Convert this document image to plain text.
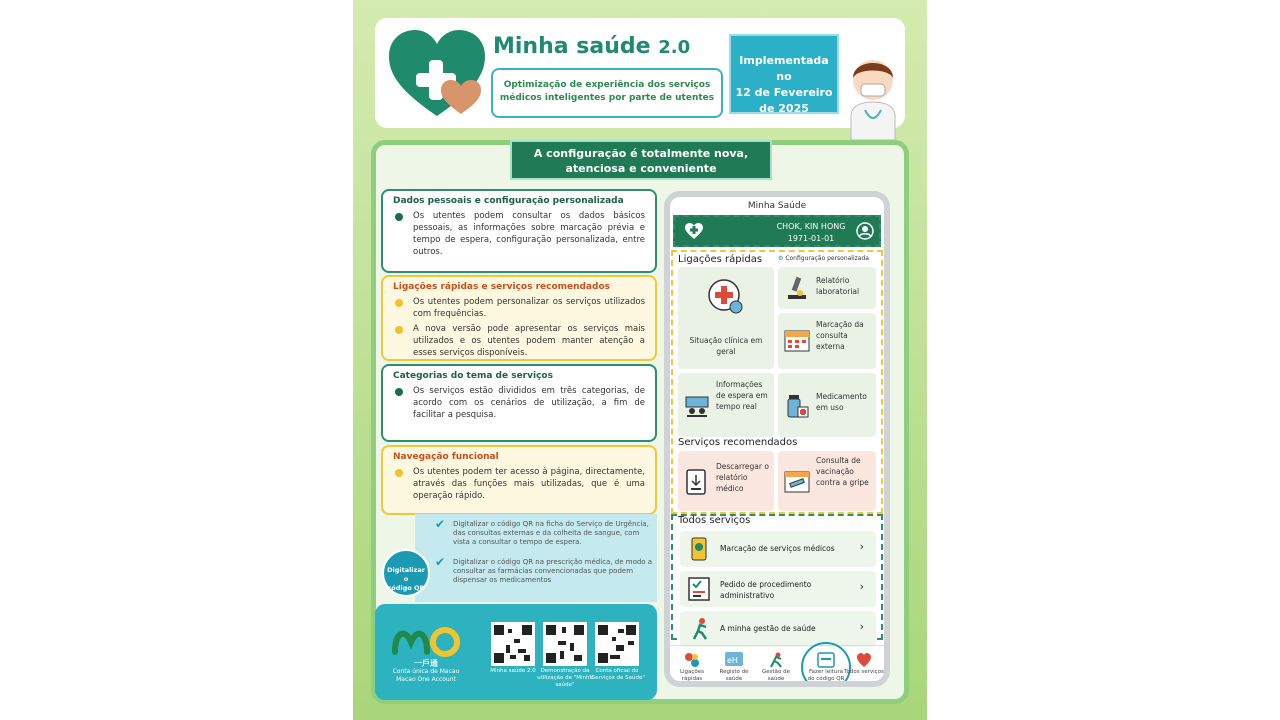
Minha saúde 2.0
Optimização de experiência dos serviços
médicos inteligentes por parte de utentes
Implementada no
12 de Fevereiro
de 2025
A configuração é totalmente nova,
atenciosa e conveniente
Dados pessoais e configuração personalizada
Os utentes podem consultar os dados básicos pessoais, as informações sobre marcação prévia e tempo de espera, configuração personalizada, entre outros.
Ligações rápidas e serviços recomendados
Os utentes podem personalizar os serviços utilizados com frequências.
A nova versão pode apresentar os serviços mais utilizados e os utentes podem manter atenção a esses serviços disponíveis.
Categorias do tema de serviços
Os serviços estão divididos em três categorias, de acordo com os cenários de utilização, a fim de facilitar a pesquisa.
Navegação funcional
Os utentes podem ter acesso à página, directamente, através das funções mais utilizadas, que é uma operação rápido.
✔ Digitalizar o código QR na ficha do Serviço de Urgência, das consultas externas e da colheita de sangue, com vista a consultar o tempo de espera.
✔ Digitalizar o código QR na prescrição médica, de modo a consultar as farmácias convencionadas que podem dispensar os medicamentos
Digitalizar o
código QR
一戶通
Conta única de Macau
Macao One Account
Minha saúde 2.0 Demonstração da utilização de "Minha saúde"
Conta oficial do "Serviços de Saúde"
Minha Saúde
CHOK, KIN HONG
1971-01-01
Ligações rápidas	⚙ Configuração personalizada
Situação clínica em geral
Relatório laboratorial
Marcação da consulta externa
Informações de espera em tempo real
Medicamento em uso
Serviços recomendados
Descarregar o relatório médico
Consulta de vacinação contra a gripe
Todos serviços
Marcação de serviços médicos	›
Pedido de procedimento administrativo
›
A minha gestão de saúde	›
Ligações rápidas
eH
Registo de saúde
Gestão de saúde
Fazer leitura do código QR
Todos serviços
